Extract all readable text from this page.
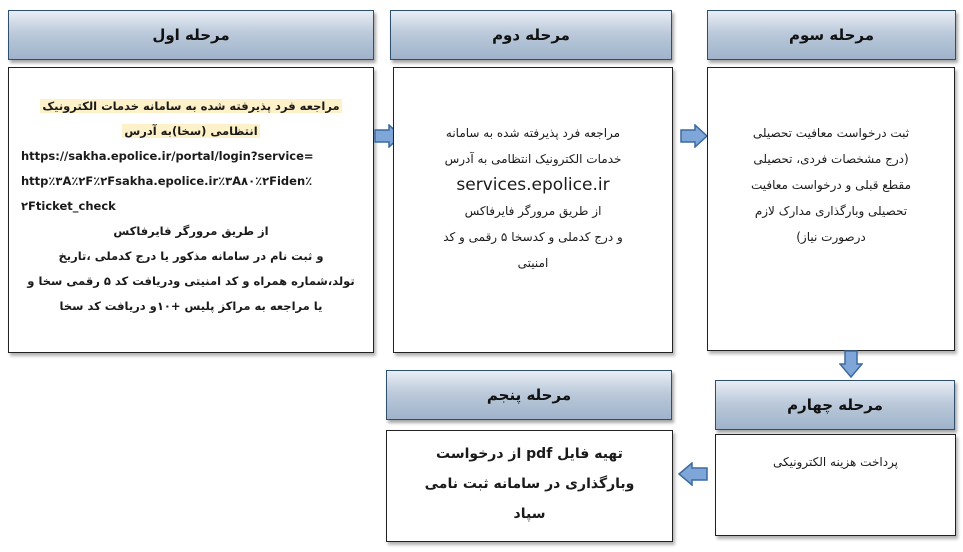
مرحله اول
مراجعه فرد پذیرفته شده به سامانه خدمات الکترونیک
انتظامی (سخا)به آدرس
https://sakha.epolice.ir/portal/login?service=
http٪۳A٪۲F٪۲Fsakha.epolice.ir٪۳A۸۰٪۲Fiden٪
۲Fticket_check
از طریق مرورگر فایرفاکس
و ثبت نام در سامانه مذکور یا درج کدملی ،تاریخ
تولد،شماره همراه و کد امنیتی ودریافت کد ۵ رقمی سخا و
یا مراجعه به مراکز پلیس +۱۰و دریافت کد سخا
مرحله دوم
مراجعه فرد پذیرفته شده به سامانه
خدمات الکترونیک انتظامی به آدرس
services.epolice.ir
از طریق مرورگر فایرفاکس
و درج کدملی و کدسخا ۵ رقمی و کد
امنیتی
مرحله سوم
ثبت درخواست معافیت تحصیلی
(درج مشخصات فردی، تحصیلی
مقطع قبلی و درخواست معافیت
تحصیلی وبارگذاری مدارک لازم
درصورت نیاز)
مرحله چهارم
پرداخت هزینه الکترونیکی
مرحله پنجم
تهیه فایل pdf از درخواست
وبارگذاری در سامانه ثبت نامی
سپاد
